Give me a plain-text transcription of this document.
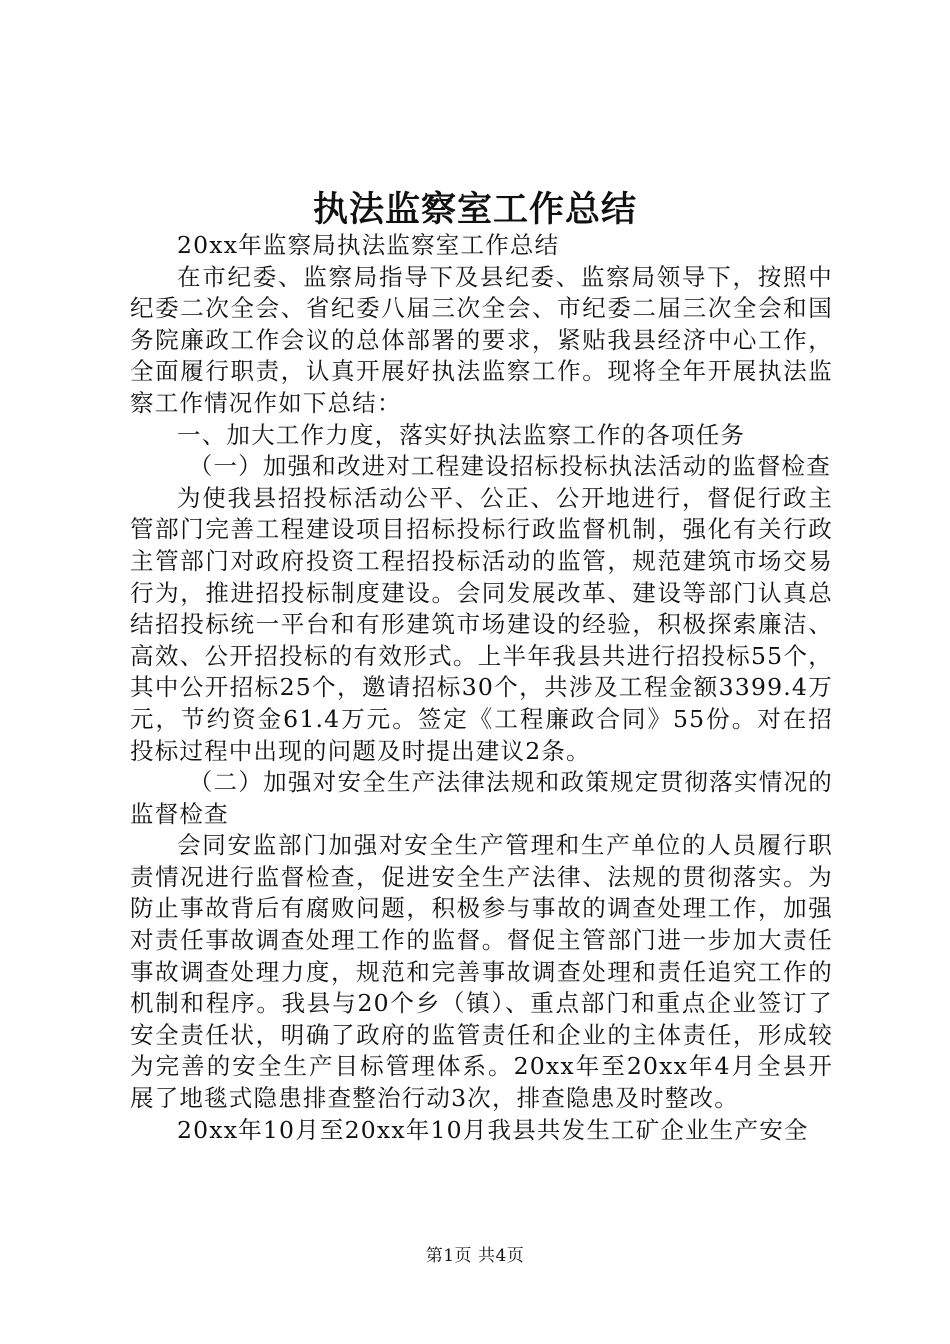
执法监察室工作总结

20xx年监察局执法监察室工作总结

在市纪委、监察局指导下及县纪委、监察局领导下，按照中纪委二次全会、省纪委八届三次全会、市纪委二届三次全会和国务院廉政工作会议的总体部署的要求，紧贴我县经济中心工作，全面履行职责，认真开展好执法监察工作。现将全年开展执法监察工作情况作如下总结：

一、加大工作力度，落实好执法监察工作的各项任务

（一）加强和改进对工程建设招标投标执法活动的监督检查

为使我县招投标活动公平、公正、公开地进行，督促行政主管部门完善工程建设项目招标投标行政监督机制，强化有关行政主管部门对政府投资工程招投标活动的监管，规范建筑市场交易行为，推进招投标制度建设。会同发展改革、建设等部门认真总结招投标统一平台和有形建筑市场建设的经验，积极探索廉洁、高效、公开招投标的有效形式。上半年我县共进行招投标55个，其中公开招标25个，邀请招标30个，共涉及工程金额3399.4万元，节约资金61.4万元。签定《工程廉政合同》55份。对在招投标过程中出现的问题及时提出建议2条。

（二）加强对安全生产法律法规和政策规定贯彻落实情况的监督检查

会同安监部门加强对安全生产管理和生产单位的人员履行职责情况进行监督检查，促进安全生产法律、法规的贯彻落实。为防止事故背后有腐败问题，积极参与事故的调查处理工作，加强对责任事故调查处理工作的监督。督促主管部门进一步加大责任事故调查处理力度，规范和完善事故调查处理和责任追究工作的机制和程序。我县与20个乡（镇）、重点部门和重点企业签订了安全责任状，明确了政府的监管责任和企业的主体责任，形成较为完善的安全生产目标管理体系。20xx年至20xx年4月全县开展了地毯式隐患排查整治行动3次，排查隐患及时整改。

20xx年10月至20xx年10月我县共发生工矿企业生产安全

第1页 共4页
